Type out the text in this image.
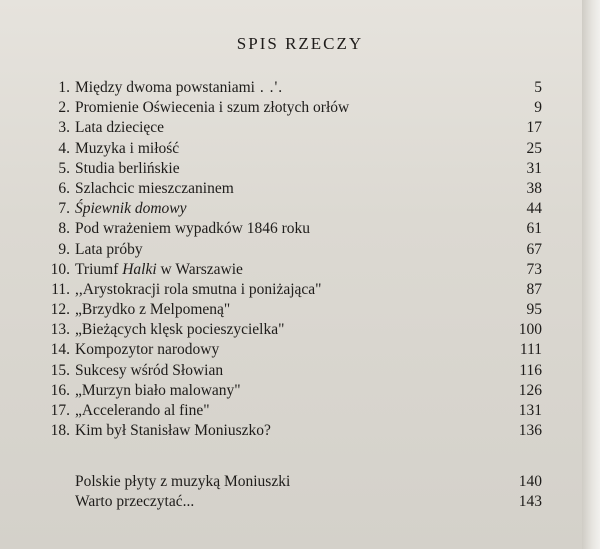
SPIS RZECZY
1. Między dwoma powstaniami . .'.	5
2. Promienie Oświecenia i szum złotych orłów	9
3. Lata dziecięce	17
4. Muzyka i miłość	25
5. Studia berlińskie	31
6. Szlachcic mieszczaninem	38
7. Śpiewnik domowy	44
8. Pod wrażeniem wypadków 1846 roku	61
9. Lata próby	67
10. Triumf Halki w Warszawie	73
11. ,,Arystokracji rola smutna i poniżająca"	87
12. „Brzydko z Melpomeną"	95
13. „Bieżących klęsk pocieszycielka"	100
14. Kompozytor narodowy	111
15. Sukcesy wśród Słowian	116
16. „Murzyn biało malowany"	126
17. „Accelerando al fine"	131
18. Kim był Stanisław Moniuszko?	136
Polskie płyty z muzyką Moniuszki	140
Warto przeczytać...	143
